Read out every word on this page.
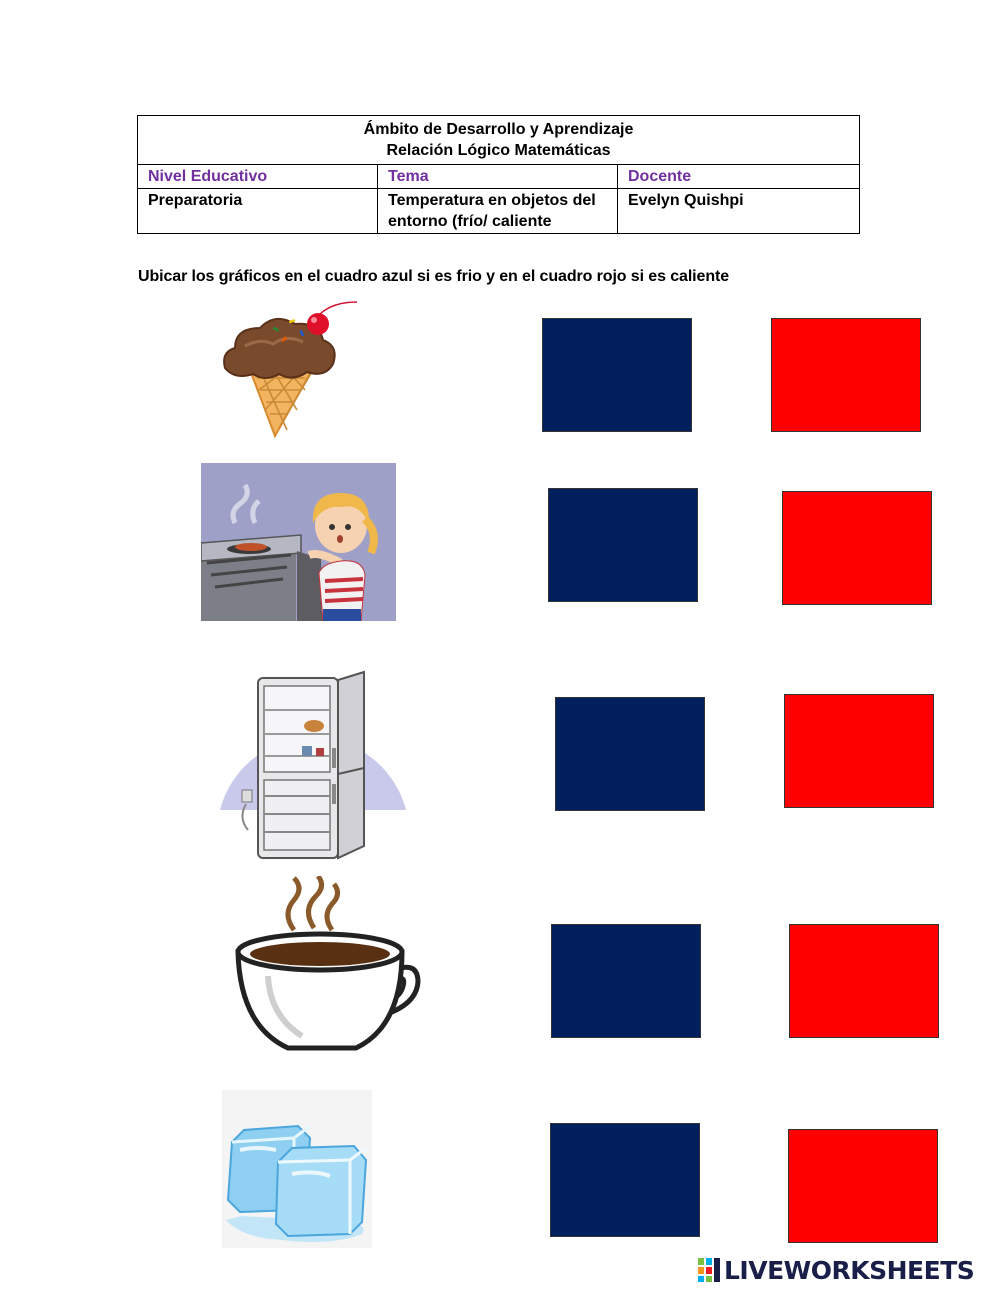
Ámbito de Desarrollo y Aprendizaje
Relación Lógico Matemáticas		

Nivel Educativo	Tema	Docente
Preparatoria	Temperatura en objetos del entorno (frío/ caliente	Evelyn Quishpi
Ubicar los gráficos en el cuadro azul si es frio y en el cuadro rojo si es caliente
LIVEWORKSHEETS
